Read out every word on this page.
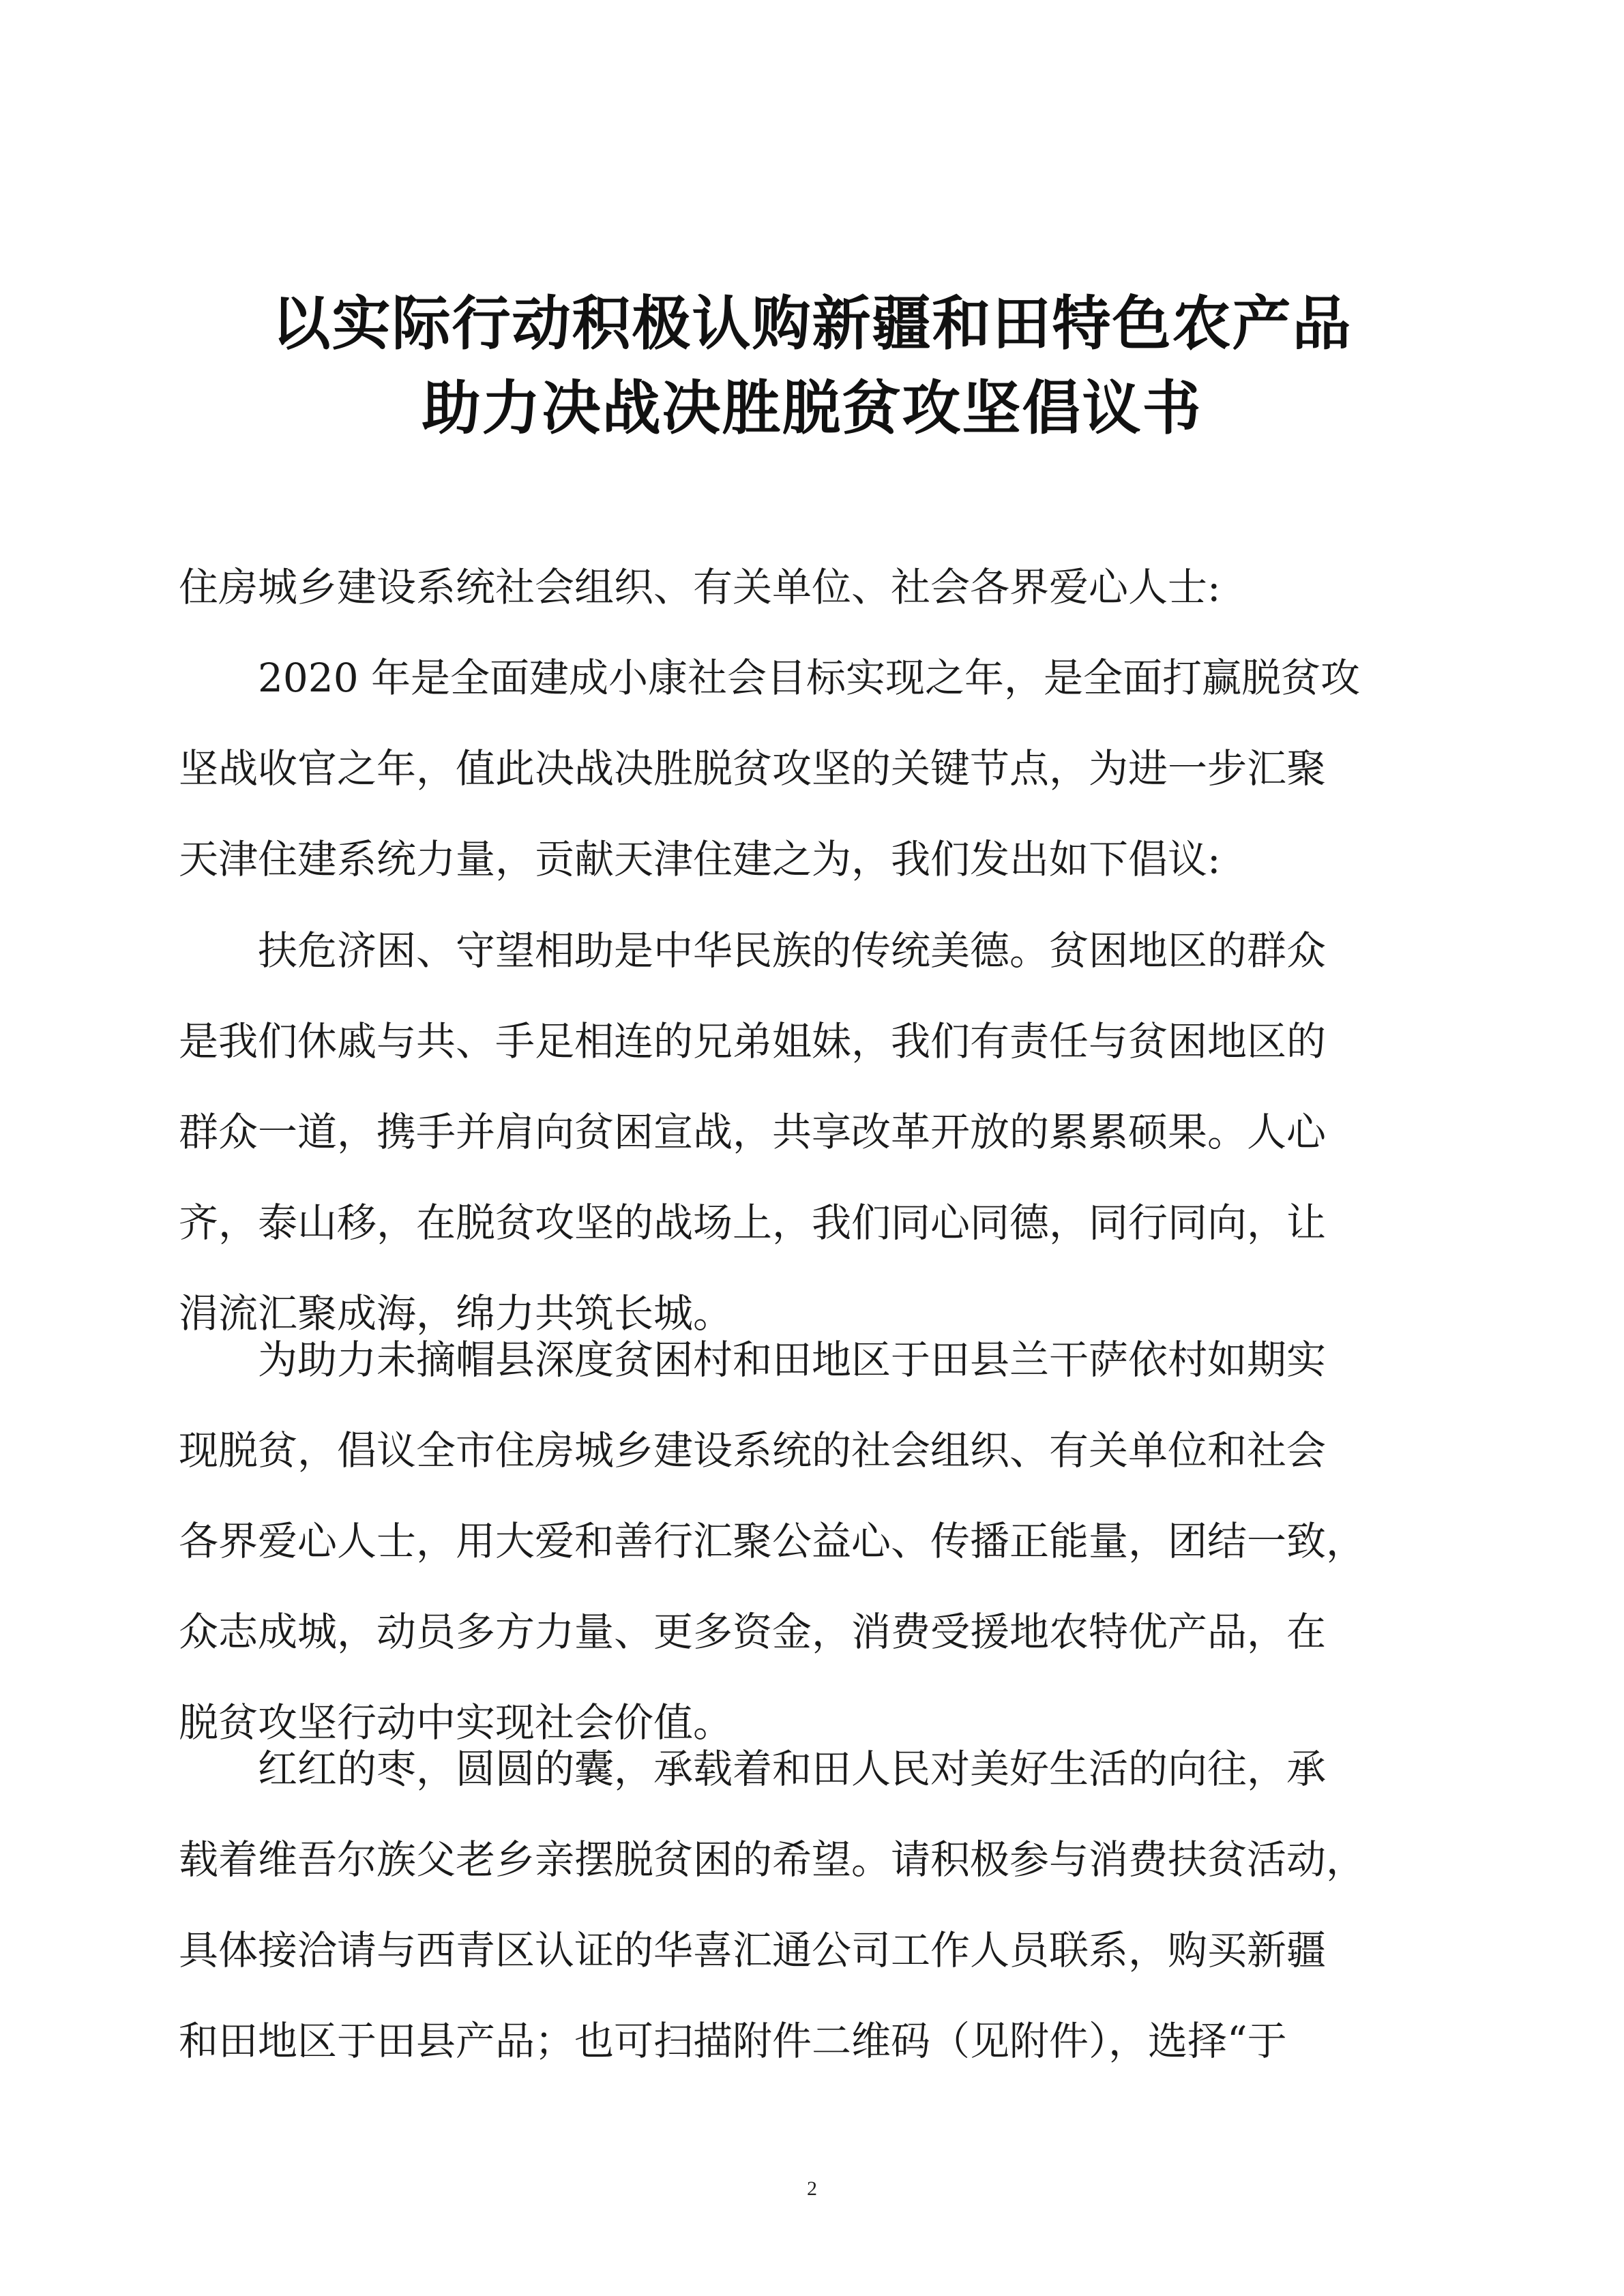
以实际行动积极认购新疆和田特色农产品
助力决战决胜脱贫攻坚倡议书

住房城乡建设系统社会组织、有关单位、社会各界爱心人士:

　　2020 年是全面建成小康社会目标实现之年，是全面打赢脱贫攻
坚战收官之年，值此决战决胜脱贫攻坚的关键节点，为进一步汇聚
天津住建系统力量，贡献天津住建之为，我们发出如下倡议:

　　扶危济困、守望相助是中华民族的传统美德。贫困地区的群众
是我们休戚与共、手足相连的兄弟姐妹，我们有责任与贫困地区的
群众一道，携手并肩向贫困宣战，共享改革开放的累累硕果。人心
齐，泰山移，在脱贫攻坚的战场上，我们同心同德，同行同向，让
涓流汇聚成海，绵力共筑长城。

　　为助力未摘帽县深度贫困村和田地区于田县兰干萨依村如期实
现脱贫，倡议全市住房城乡建设系统的社会组织、有关单位和社会
各界爱心人士，用大爱和善行汇聚公益心、传播正能量，团结一致，
众志成城，动员多方力量、更多资金，消费受援地农特优产品，在
脱贫攻坚行动中实现社会价值。

　　红红的枣，圆圆的囊，承载着和田人民对美好生活的向往，承
载着维吾尔族父老乡亲摆脱贫困的希望。请积极参与消费扶贫活动，
具体接洽请与西青区认证的华喜汇通公司工作人员联系，购买新疆
和田地区于田县产品；也可扫描附件二维码（见附件），选择“于

2
